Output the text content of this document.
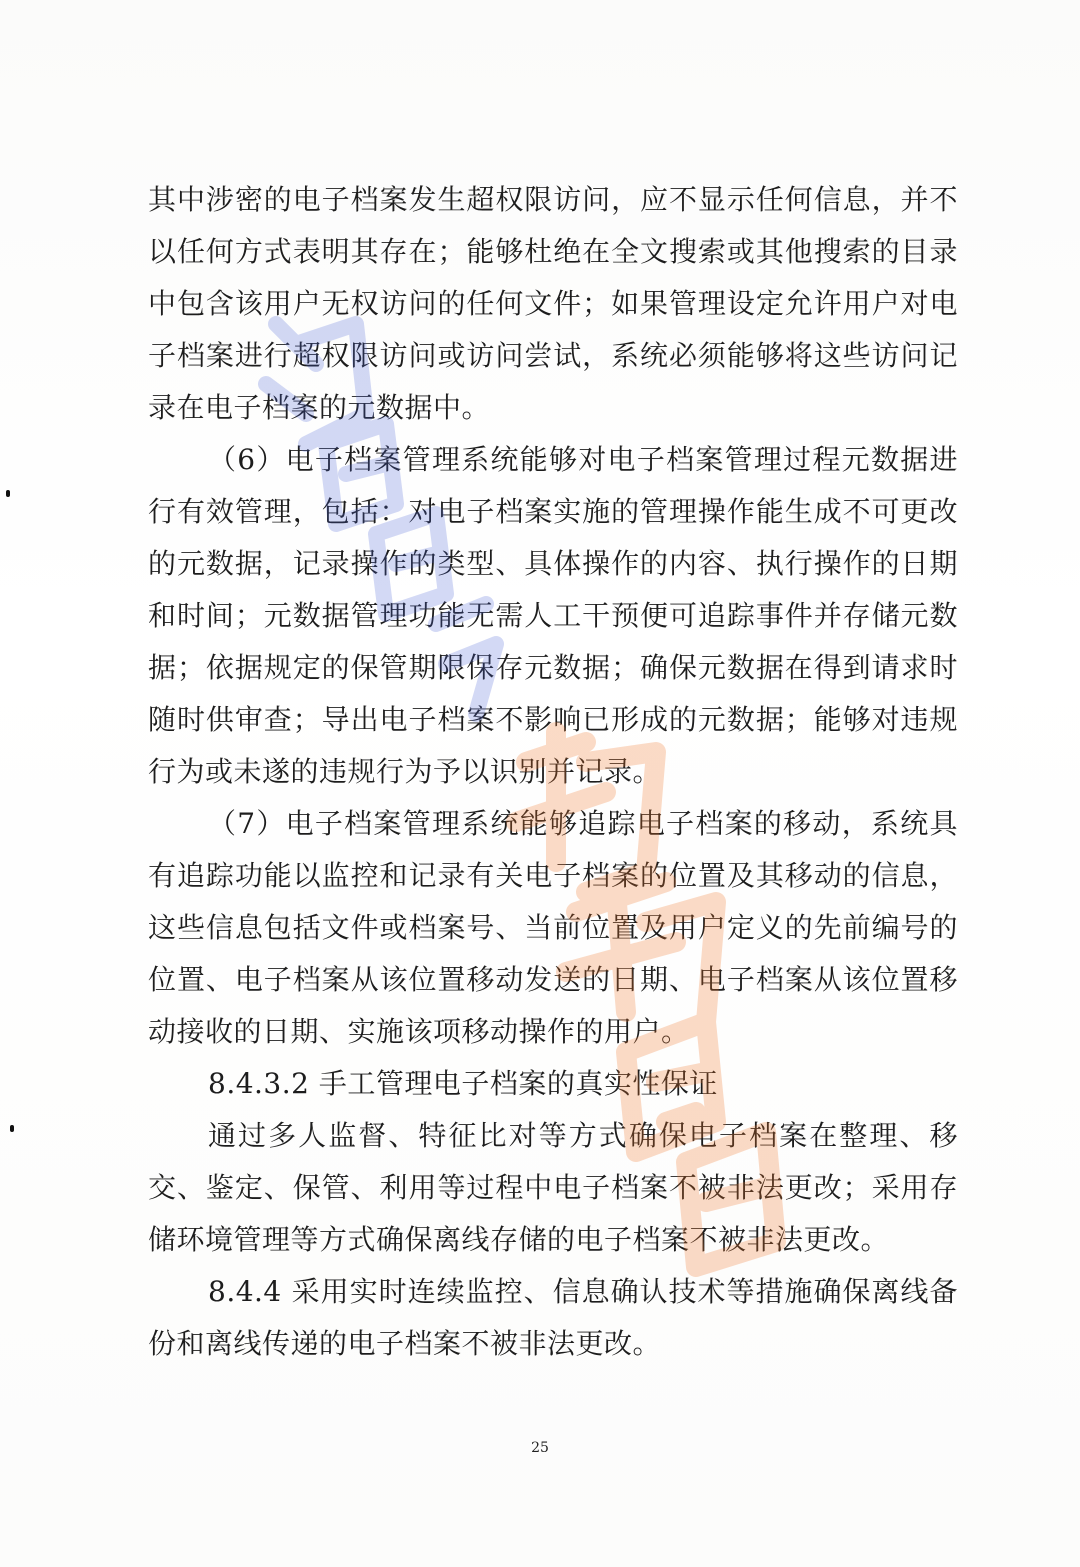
其中涉密的电子档案发生超权限访问，应不显示任何信息，并不以任何方式表明其存在；能够杜绝在全文搜索或其他搜索的目录中包含该用户无权访问的任何文件；如果管理设定允许用户对电子档案进行超权限访问或访问尝试，系统必须能够将这些访问记录在电子档案的元数据中。

（6）电子档案管理系统能够对电子档案管理过程元数据进行有效管理，包括：对电子档案实施的管理操作能生成不可更改的元数据，记录操作的类型、具体操作的内容、执行操作的日期和时间；元数据管理功能无需人工干预便可追踪事件并存储元数据；依据规定的保管期限保存元数据；确保元数据在得到请求时随时供审查；导出电子档案不影响已形成的元数据；能够对违规行为或未遂的违规行为予以识别并记录。

（7）电子档案管理系统能够追踪电子档案的移动，系统具有追踪功能以监控和记录有关电子档案的位置及其移动的信息，这些信息包括文件或档案号、当前位置及用户定义的先前编号的位置、电子档案从该位置移动发送的日期、电子档案从该位置移动接收的日期、实施该项移动操作的用户。

8.4.3.2 手工管理电子档案的真实性保证

通过多人监督、特征比对等方式确保电子档案在整理、移交、鉴定、保管、利用等过程中电子档案不被非法更改；采用存储环境管理等方式确保离线存储的电子档案不被非法更改。

8.4.4 采用实时连续监控、信息确认技术等措施确保离线备份和离线传递的电子档案不被非法更改。

25
